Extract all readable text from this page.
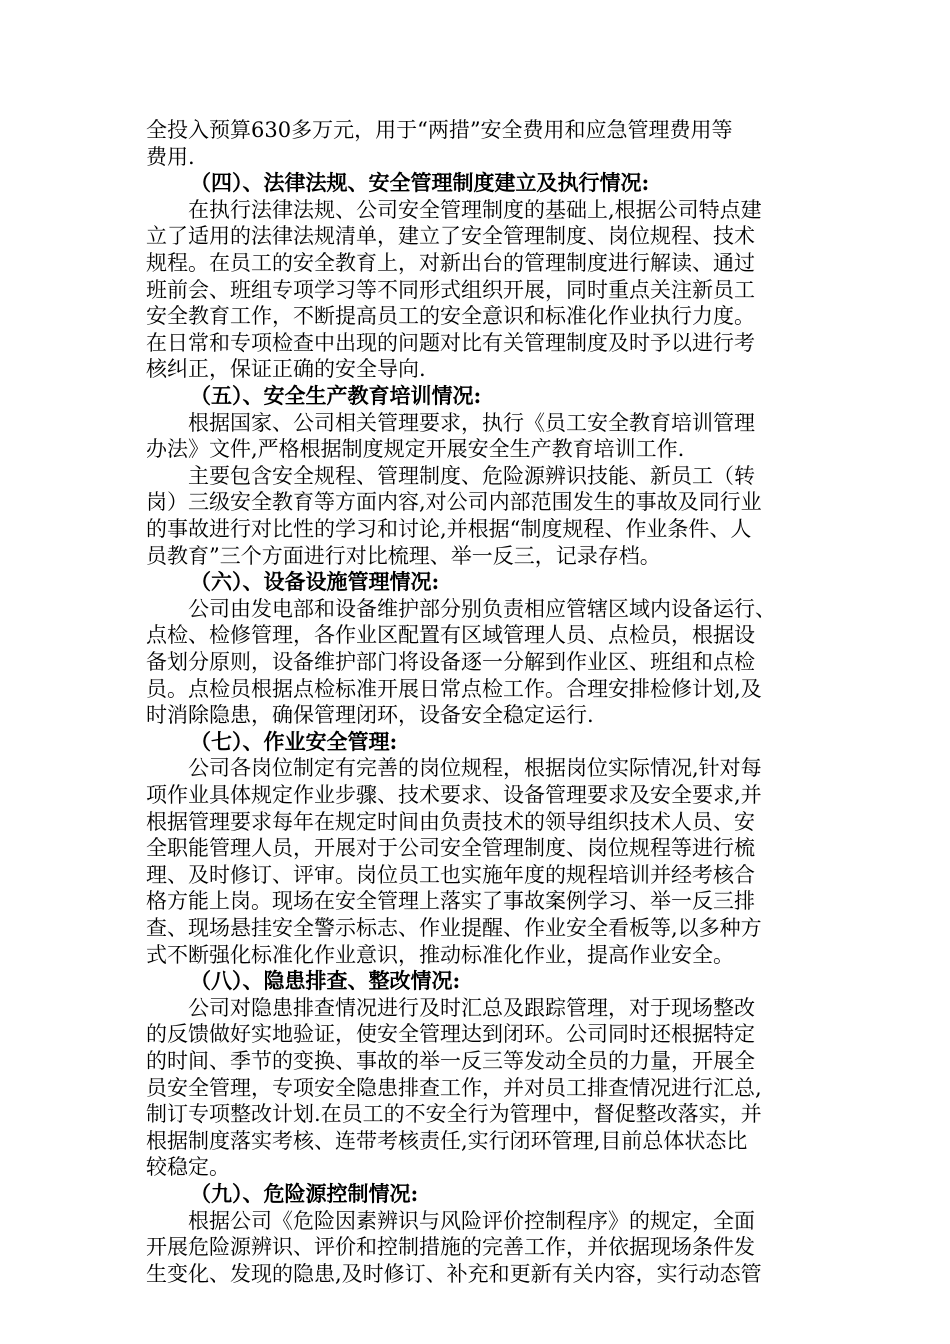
全投入预算630多万元，用于“两措”安全费用和应急管理费用等
费用.
（四）、法律法规、安全管理制度建立及执行情况:
在执行法律法规、公司安全管理制度的基础上,根据公司特点建
立了适用的法律法规清单，建立了安全管理制度、岗位规程、技术
规程。在员工的安全教育上，对新出台的管理制度进行解读、通过
班前会、班组专项学习等不同形式组织开展，同时重点关注新员工
安全教育工作，不断提高员工的安全意识和标准化作业执行力度。
在日常和专项检查中出现的问题对比有关管理制度及时予以进行考
核纠正，保证正确的安全导向.
（五）、安全生产教育培训情况:
根据国家、公司相关管理要求，执行《员工安全教育培训管理
办法》文件,严格根据制度规定开展安全生产教育培训工作.
主要包含安全规程、管理制度、危险源辨识技能、新员工（转
岗）三级安全教育等方面内容,对公司内部范围发生的事故及同行业
的事故进行对比性的学习和讨论,并根据“制度规程、作业条件、人
员教育”三个方面进行对比梳理、举一反三，记录存档。
（六）、设备设施管理情况:
公司由发电部和设备维护部分别负责相应管辖区域内设备运行、
点检、检修管理，各作业区配置有区域管理人员、点检员，根据设
备划分原则，设备维护部门将设备逐一分解到作业区、班组和点检
员。点检员根据点检标准开展日常点检工作。合理安排检修计划,及
时消除隐患，确保管理闭环，设备安全稳定运行.
（七）、作业安全管理:
公司各岗位制定有完善的岗位规程，根据岗位实际情况,针对每
项作业具体规定作业步骤、技术要求、设备管理要求及安全要求,并
根据管理要求每年在规定时间由负责技术的领导组织技术人员、安
全职能管理人员，开展对于公司安全管理制度、岗位规程等进行梳
理、及时修订、评审。岗位员工也实施年度的规程培训并经考核合
格方能上岗。现场在安全管理上落实了事故案例学习、举一反三排
查、现场悬挂安全警示标志、作业提醒、作业安全看板等,以多种方
式不断强化标准化作业意识，推动标准化作业，提高作业安全。
（八）、隐患排查、整改情况:
公司对隐患排查情况进行及时汇总及跟踪管理，对于现场整改
的反馈做好实地验证，使安全管理达到闭环。公司同时还根据特定
的时间、季节的变换、事故的举一反三等发动全员的力量，开展全
员安全管理，专项安全隐患排查工作，并对员工排查情况进行汇总,
制订专项整改计划.在员工的不安全行为管理中，督促整改落实，并
根据制度落实考核、连带考核责任,实行闭环管理,目前总体状态比
较稳定。
（九）、危险源控制情况:
根据公司《危险因素辨识与风险评价控制程序》的规定，全面
开展危险源辨识、评价和控制措施的完善工作，并依据现场条件发
生变化、发现的隐患,及时修订、补充和更新有关内容，实行动态管
